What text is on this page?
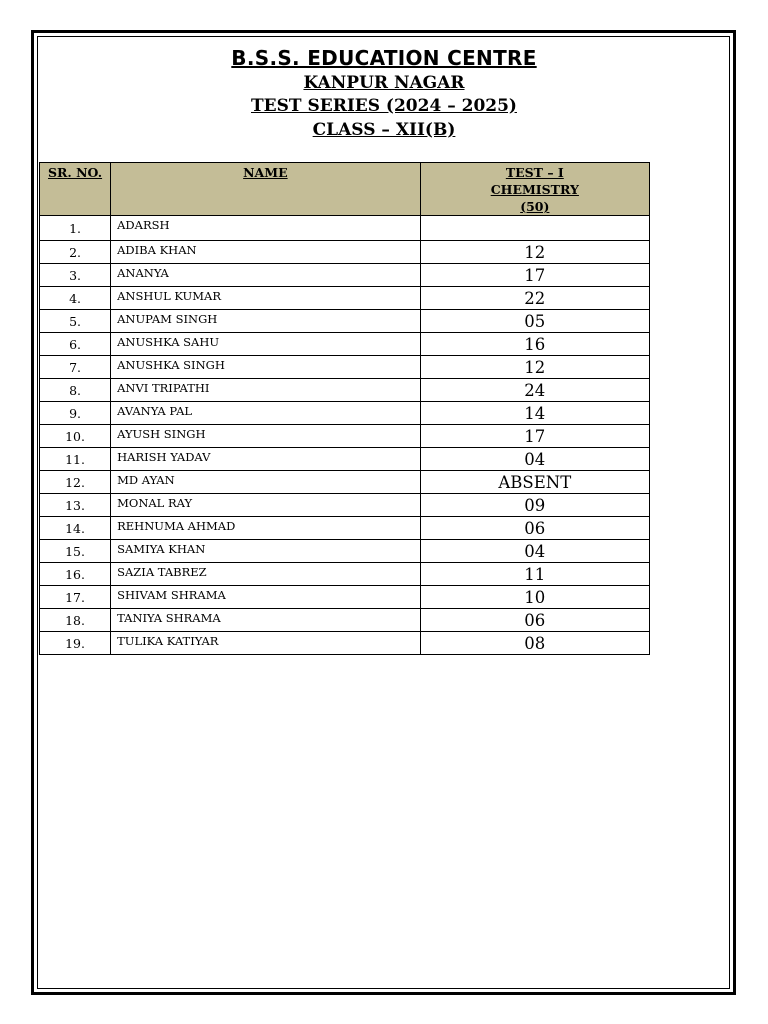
B.S.S. EDUCATION CENTRE
KANPUR NAGAR
TEST SERIES (2024 – 2025)
CLASS – XII(B)
SR. NO.	NAME	TEST – I
CHEMISTRY
(50)

1.	ADARSH	
2.	ADIBA KHAN	12
3.	ANANYA	17
4.	ANSHUL KUMAR	22
5.	ANUPAM SINGH	05
6.	ANUSHKA SAHU	16
7.	ANUSHKA SINGH	12
8.	ANVI TRIPATHI	24
9.	AVANYA PAL	14
10.	AYUSH SINGH	17
11.	HARISH YADAV	04
12.	MD AYAN	ABSENT
13.	MONAL RAY	09
14.	REHNUMA AHMAD	06
15.	SAMIYA KHAN	04
16.	SAZIA TABREZ	11
17.	SHIVAM SHRAMA	10
18.	TANIYA SHRAMA	06
19.	TULIKA KATIYAR	08
